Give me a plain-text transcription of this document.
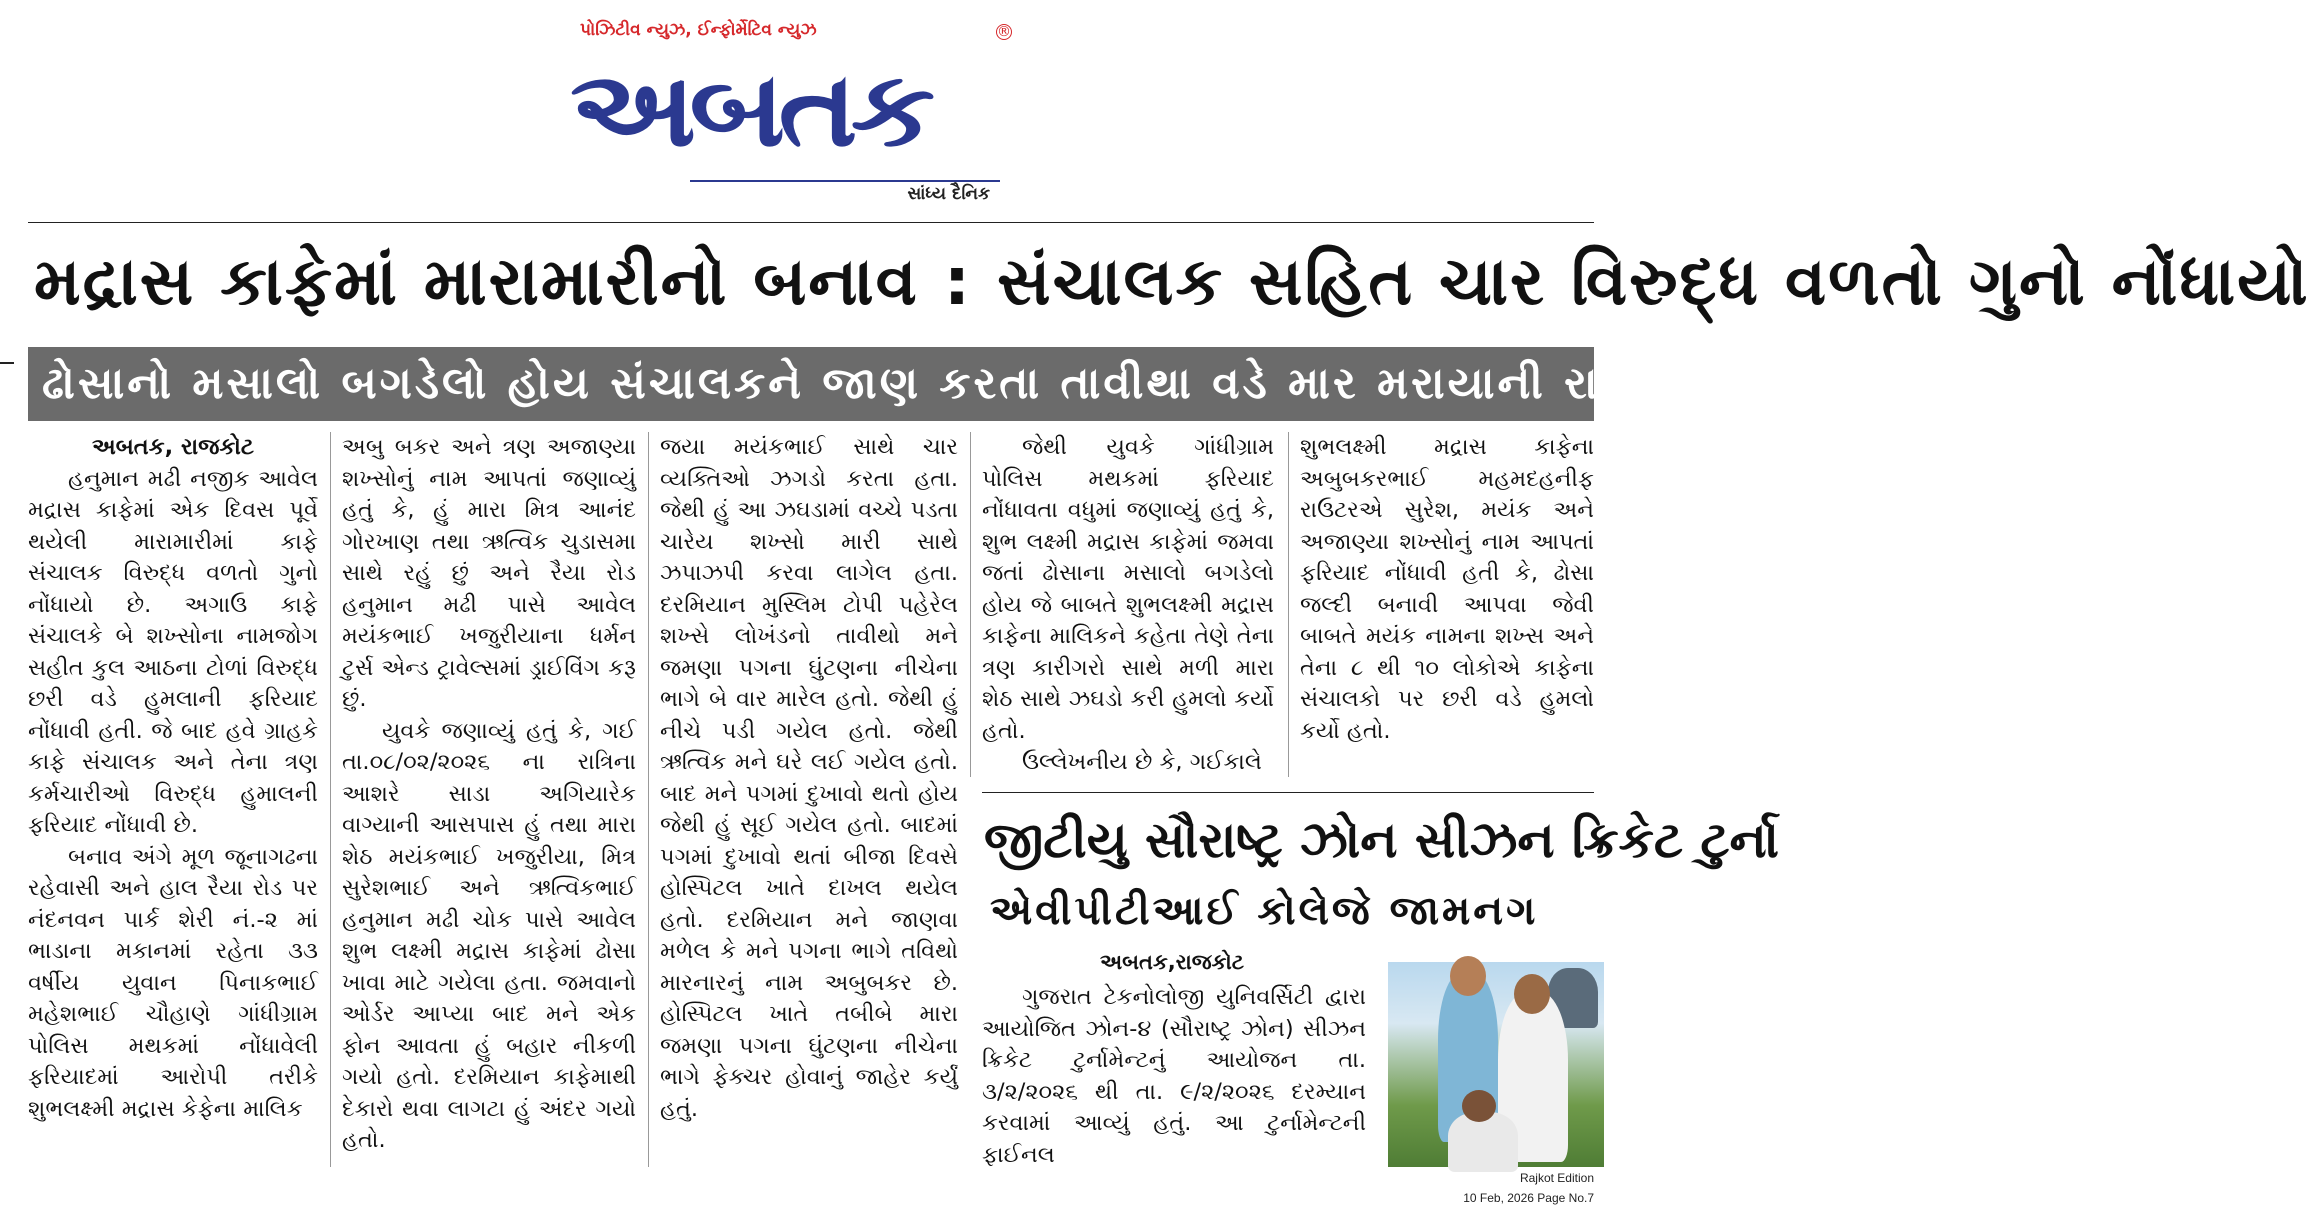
પોઝિટીવ ન્યુઝ, ઈન્ફોર્મેટિવ ન્યુઝ	®
અબતક
સાંધ્ય દૈનિક
મદ્રાસ કાફેમાં મારામારીનો બનાવ : સંચાલક સહિત ચાર વિરુદ્ધ વળતો ગુનો નોંધાયો
ઢોસાનો મસાલો બગડેલો હોય સંચાલકને જાણ કરતા તાવીથા વડે માર મરાયાની રાવ

અબતક, રાજકોટ

હનુમાન મઢી નજીક આવેલ મદ્રાસ કાફેમાં એક દિવસ પૂર્વે થયેલી મારામારીમાં કાફે સંચાલક વિરુદ્ધ વળતો ગુનો નોંધાયો છે. અગાઉ કાફે સંચાલકે બે શખ્સોના નામજોગ સહીત કુલ આઠના ટોળાં વિરુદ્ધ છરી વડે હુમલાની ફરિયાદ નોંધાવી હતી. જે બાદ હવે ગ્રાહકે કાફે સંચાલક અને તેના ત્રણ કર્મચારીઓ વિરુદ્ધ હુમાલની ફરિયાદ નોંધાવી છે.

બનાવ અંગે મૂળ જૂનાગઢના રહેવાસી અને હાલ રૈયા રોડ પર નંદનવન પાર્ક શેરી નં.-૨ માં ભાડાના મકાનમાં રહેતા ૩૩ વર્ષીય યુવાન પિનાકભાઈ મહેશભાઈ ચૌહાણે ગાંધીગ્રામ પોલિસ મથકમાં નોંધાવેલી ફરિયાદમાં આરોપી તરીકે શુભલક્ષ્મી મદ્રાસ કેફેના માલિક

અબુ બકર અને ત્રણ અજાણ્યા શખ્સોનું નામ આપતાં જણાવ્યું હતું કે, હું મારા મિત્ર આનંદ ગોરખાણ તથા ઋત્વિક ચુડાસમા સાથે રહું છું અને રૈયા રોડ હનુમાન મઢી પાસે આવેલ મયંકભાઈ ખજુરીયાના ધર્મન ટુર્સ એન્ડ ટ્રાવેલ્સમાં ડ્રાઈવિંગ કરૂ છું.

યુવકે જણાવ્યું હતું કે, ગઈ તા.૦૮/૦૨/૨૦૨૬ ના રાત્રિના આશરે સાડા અગિયારેક વાગ્યાની આસપાસ હું તથા મારા શેઠ મયંકભાઈ ખજુરીયા, મિત્ર સુરેશભાઈ અને ઋત્વિકભાઈ હનુમાન મઢી ચોક પાસે આવેલ શુભ લક્ષ્મી મદ્રાસ કાફેમાં ઢોસા ખાવા માટે ગયેલા હતા. જમવાનો ઓર્ડર આપ્યા બાદ મને એક ફોન આવતા હું બહાર નીકળી ગયો હતો. દરમિયાન કાફેમાથી દેકારો થવા લાગટા હું અંદર ગયો હતો.

જયા મયંકભાઈ સાથે ચાર વ્યક્તિઓ ઝગડો કરતા હતા. જેથી હું આ ઝઘડામાં વચ્ચે પડતા ચારેય શખ્સો મારી સાથે ઝપાઝપી કરવા લાગેલ હતા. દરમિયાન મુસ્લિમ ટોપી પહેરેલ શખ્સે લોખંડનો તાવીથો મને જમણા પગના ઘુંટણના નીચેના ભાગે બે વાર મારેલ હતો. જેથી હું નીચે પડી ગયેલ હતો. જેથી ઋત્વિક મને ઘરે લઈ ગયેલ હતો. બાદ મને પગમાં દુખાવો થતો હોય જેથી હું સૂઈ ગયેલ હતો. બાદમાં પગમાં દુખાવો થતાં બીજા દિવસે હોસ્પિટલ ખાતે દાખલ થયેલ હતો. દરમિયાન મને જાણવા મળેલ કે મને પગના ભાગે તવિથો મારનારનું નામ અબુબકર છે. હોસ્પિટલ ખાતે તબીબે મારા જમણા પગના ઘુંટણના નીચેના ભાગે ફેક્ચર હોવાનું જાહેર કર્યું હતું.

જેથી યુવકે ગાંધીગ્રામ પોલિસ મથકમાં ફરિયાદ નોંધાવતા વધુમાં જણાવ્યું હતું કે, શુભ લક્ષ્મી મદ્રાસ કાફેમાં જમવા જતાં ઢોસાના મસાલો બગડેલો હોય જે બાબતે શુભલક્ષ્મી મદ્રાસ કાફેના માલિકને કહેતા તેણે તેના ત્રણ કારીગરો સાથે મળી મારા શેઠ સાથે ઝઘડો કરી હુમલો કર્યો હતો.

ઉલ્લેખનીય છે કે, ગઈકાલે

શુભલક્ષ્મી મદ્રાસ કાફેના અબુબકરભાઈ મહમદહનીફ રાઉટરએ સુરેશ, મયંક અને અજાણ્યા શખ્સોનું નામ આપતાં ફરિયાદ નોંધાવી હતી કે, ઢોસા જલ્દી બનાવી આપવા જેવી બાબતે મયંક નામના શખ્સ અને તેના ૮ થી ૧૦ લોકોએ કાફેના સંચાલકો પર છરી વડે હુમલો કર્યો હતો.

જીટીયુ સૌરાષ્ટ્ર ઝોન સીઝન ક્રિકેટ ટુર્ના
એવીપીટીઆઈ કોલેજે જામનગ
અબતક,રાજકોટ

ગુજરાત ટેકનોલોજી યુનિવર્સિટી દ્વારા આયોજિત ઝોન-૪ (સૌરાષ્ટ્ર ઝોન) સીઝન ક્રિકેટ ટુર્નામેન્ટનું આયોજન તા. ૩/૨/૨૦૨૬ થી તા. ૯/૨/૨૦૨૬ દરમ્યાન કરવામાં આવ્યું હતું. આ ટુર્નામેન્ટની ફાઈનલ

Rajkot Edition
10 Feb, 2026 Page No.7
